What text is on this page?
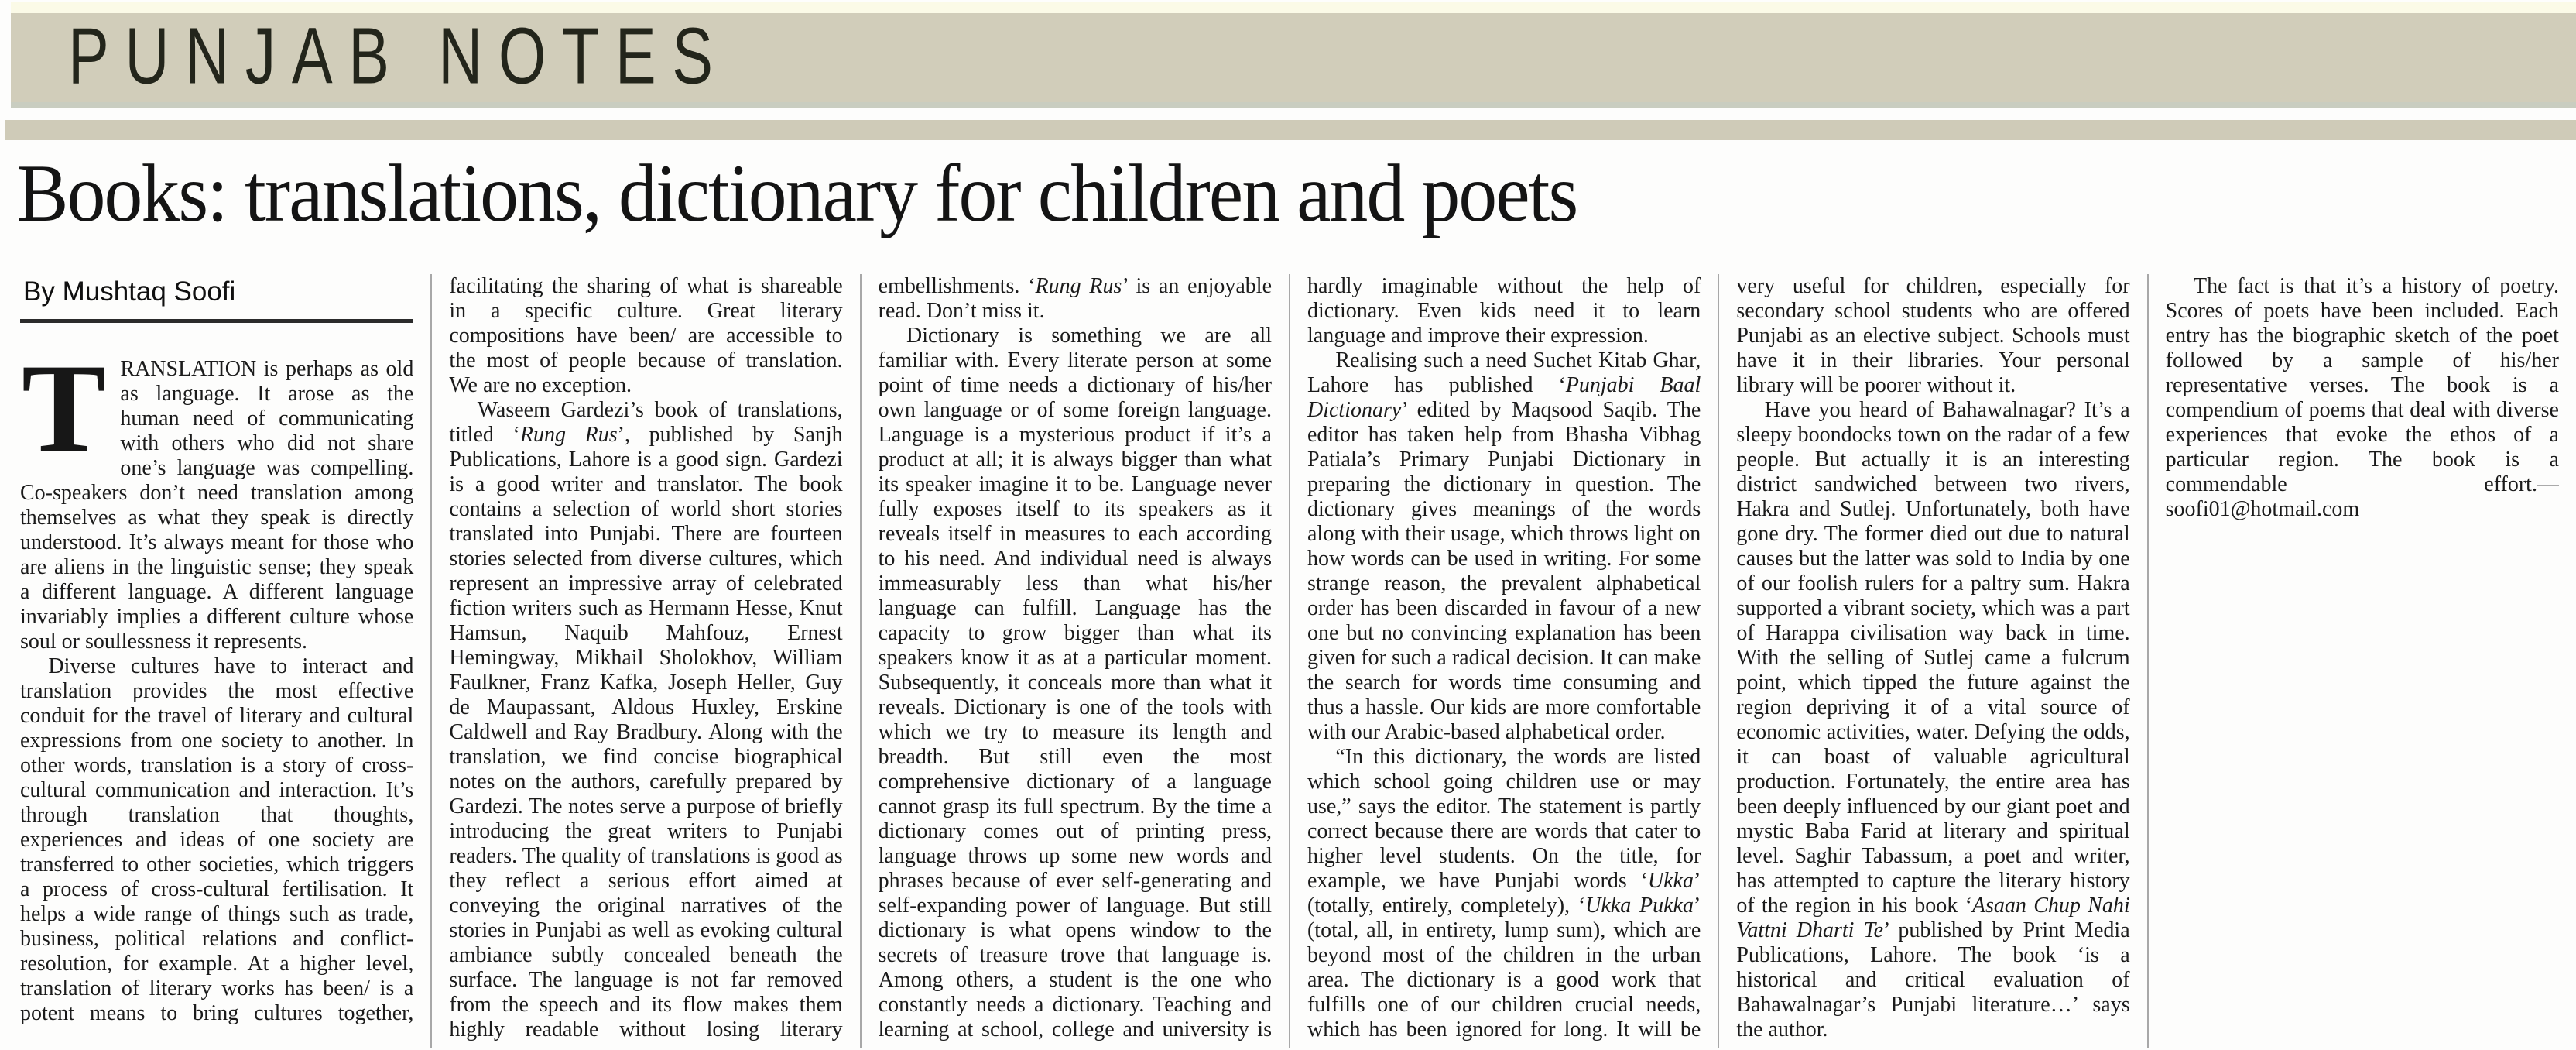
PUNJAB NOTES
Books: translations, dictionary for children and poets
By Mushtaq Soofi

TRANSLATION is perhaps as old as language. It arose as the human need of communicating with others who did not share one’s language was compelling. Co-speakers don’t need translation among themselves as what they speak is directly understood. It’s always meant for those who are aliens in the linguistic sense; they speak a different language. A different language invariably implies a different culture whose soul or soullessness it represents.

Diverse cultures have to interact and translation provides the most effective conduit for the travel of literary and cultural expressions from one society to another. In other words, translation is a story of cross-cultural communication and interaction. It’s through translation that thoughts, experiences and ideas of one society are transferred to other societies, which triggers a process of cross-cultural fertilisation. It helps a wide range of things such as trade, business, political relations and conflict- resolution, for example. At a higher level, translation of literary works has been/ is a potent means to bring cultures together, facilitating the sharing of what is shareable in a specific culture. Great literary compositions have been/ are accessible to the most of people because of translation. We are no exception.

Waseem Gardezi’s book of translations, titled ‘Rung Rus’, published by Sanjh Publications, Lahore is a good sign. Gardezi is a good writer and translator. The book contains a selection of world short stories translated into Punjabi. There are fourteen stories selected from diverse cultures, which represent an impressive array of celebrated fiction writers such as Hermann Hesse, Knut Hamsun, Naquib Mahfouz, Ernest Hemingway, Mikhail Sholokhov, William Faulkner, Franz Kafka, Joseph Heller, Guy de Maupassant, Aldous Huxley, Erskine Caldwell and Ray Bradbury. Along with the translation, we find concise biographical notes on the authors, carefully prepared by Gardezi. The notes serve a purpose of briefly introducing the great writers to Punjabi readers. The quality of translations is good as they reflect a serious effort aimed at conveying the original narratives of the stories in Punjabi as well as evoking cultural ambiance subtly concealed beneath the surface. The language is not far removed from the speech and its flow makes them highly readable without losing literary embellishments. ‘Rung Rus’ is an enjoyable read. Don’t miss it.

Dictionary is something we are all familiar with. Every literate person at some point of time needs a dictionary of his/her own language or of some foreign language. Language is a mysterious product if it’s a product at all; it is always bigger than what its speaker imagine it to be. Language never fully exposes itself to its speakers as it reveals itself in measures to each according to his need. And individual need is always immeasurably less than what his/her language can fulfill. Language has the capacity to grow bigger than what its speakers know it as at a particular moment. Subsequently, it conceals more than what it reveals. Dictionary is one of the tools with which we try to measure its length and breadth. But still even the most comprehensive dictionary of a language cannot grasp its full spectrum. By the time a dictionary comes out of printing press, language throws up some new words and phrases because of ever self-generating and self-expanding power of language. But still dictionary is what opens window to the secrets of treasure trove that language is. Among others, a student is the one who constantly needs a dictionary. Teaching and learning at school, college and university is hardly imaginable without the help of dictionary. Even kids need it to learn language and improve their expression.

Realising such a need Suchet Kitab Ghar, Lahore has published ‘Punjabi Baal Dictionary’ edited by Maqsood Saqib. The editor has taken help from Bhasha Vibhag Patiala’s Primary Punjabi Dictionary in preparing the dictionary in question. The dictionary gives meanings of the words along with their usage, which throws light on how words can be used in writing. For some strange reason, the prevalent alphabetical order has been discarded in favour of a new one but no convincing explanation has been given for such a radical decision. It can make the search for words time consuming and thus a hassle. Our kids are more comfortable with our Arabic-based alphabetical order.

“In this dictionary, the words are listed which school going children use or may use,” says the editor. The statement is partly correct because there are words that cater to higher level students. On the title, for example, we have Punjabi words ‘Ukka’ (totally, entirely, completely), ‘Ukka Pukka’ (total, all, in entirety, lump sum), which are beyond most of the children in the urban area. The dictionary is a good work that fulfills one of our children crucial needs, which has been ignored for long. It will be very useful for children, especially for secondary school students who are offered Punjabi as an elective subject. Schools must have it in their libraries. Your personal library will be poorer without it.

Have you heard of Bahawalnagar? It’s a sleepy boondocks town on the radar of a few people. But actually it is an interesting district sandwiched between two rivers, Hakra and Sutlej. Unfortunately, both have gone dry. The former died out due to natural causes but the latter was sold to India by one of our foolish rulers for a paltry sum. Hakra supported a vibrant society, which was a part of Harappa civilisation way back in time. With the selling of Sutlej came a fulcrum point, which tipped the future against the region depriving it of a vital source of economic activities, water. Defying the odds, it can boast of valuable agricultural production. Fortunately, the entire area has been deeply influenced by our giant poet and mystic Baba Farid at literary and spiritual level. Saghir Tabassum, a poet and writer, has attempted to capture the literary history of the region in his book ‘Asaan Chup Nahi Vattni Dharti Te’ published by Print Media Publications, Lahore. The book ‘is a historical and critical evaluation of Bahawalnagar’s Punjabi literature…’ says the author.

The fact is that it’s a history of poetry. Scores of poets have been included. Each entry has the biographic sketch of the poet followed by a sample of his/her representative verses. The book is a compendium of poems that deal with diverse experiences that evoke the ethos of a particular region. The book is a commendable effort.—soofi01@hotmail.com
